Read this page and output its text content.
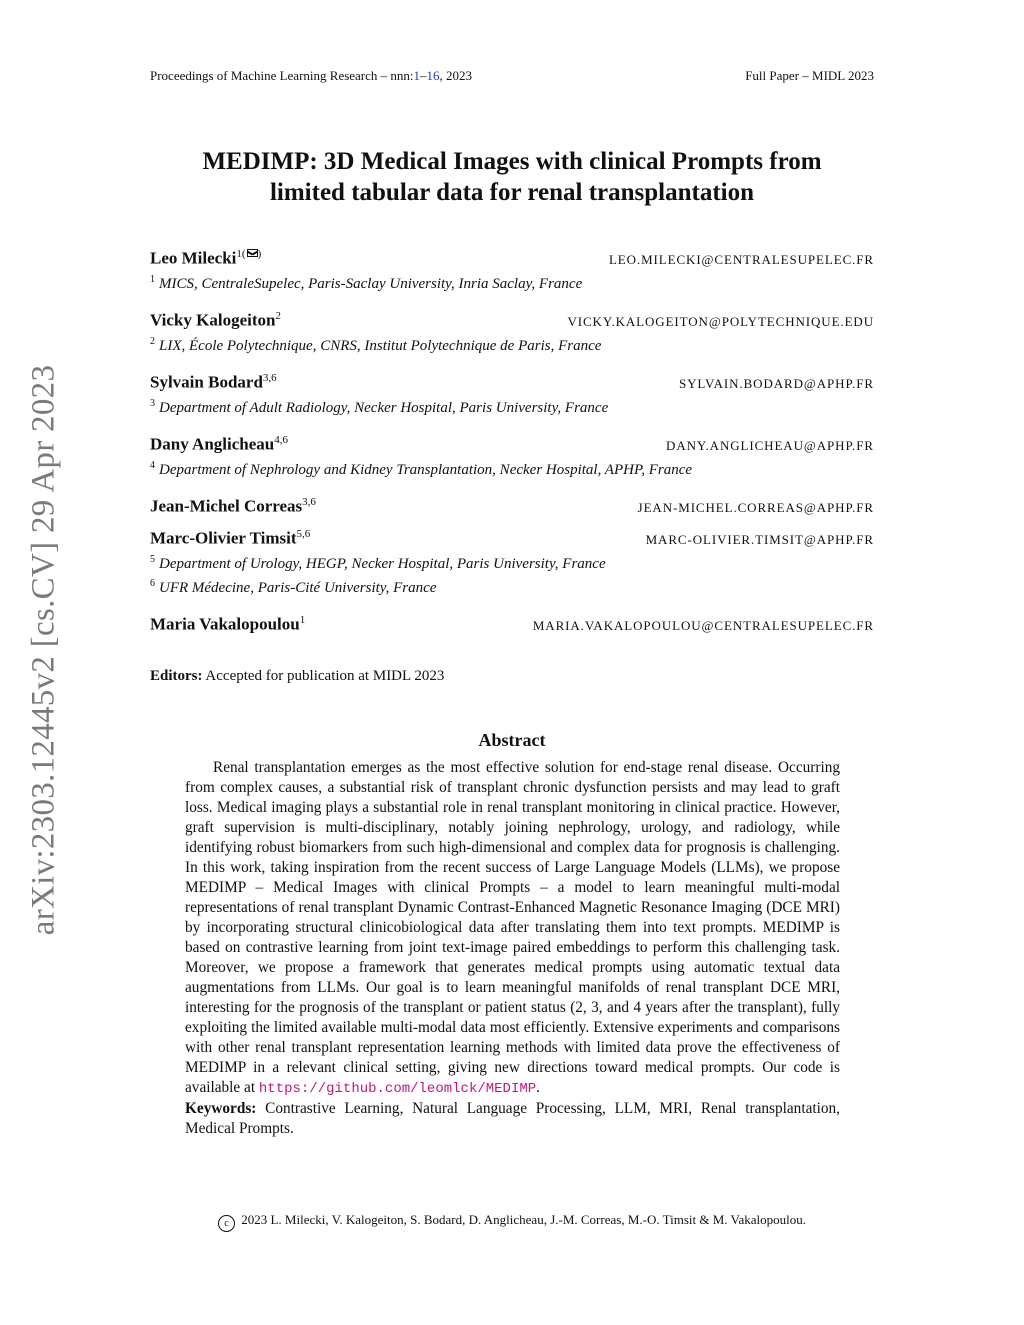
Proceedings of Machine Learning Research – nnn:1–16, 2023	Full Paper – MIDL 2023
arXiv:2303.12445v2 [cs.CV] 29 Apr 2023
MEDIMP: 3D Medical Images with clinical Prompts from
limited tabular data for renal transplantation
Leo Milecki$^{1(}$ )	LEO.MILECKI@CENTRALESUPELEC.FR
$^1$ MICS, CentraleSupelec, Paris-Saclay University, Inria Saclay, France
Vicky Kalogeiton$^2$	VICKY.KALOGEITON@POLYTECHNIQUE.EDU
$^2$ LIX, École Polytechnique, CNRS, Institut Polytechnique de Paris, France
Sylvain Bodard$^{3,6}$	SYLVAIN.BODARD@APHP.FR
$^3$ Department of Adult Radiology, Necker Hospital, Paris University, France
Dany Anglicheau$^{4,6}$	DANY.ANGLICHEAU@APHP.FR
$^4$ Department of Nephrology and Kidney Transplantation, Necker Hospital, APHP, France
Jean-Michel Correas$^{3,6}$	JEAN-MICHEL.CORREAS@APHP.FR
Marc-Olivier Timsit$^{5,6}$	MARC-OLIVIER.TIMSIT@APHP.FR
$^5$ Department of Urology, HEGP, Necker Hospital, Paris University, France
$^6$ UFR Médecine, Paris-Cité University, France
Maria Vakalopoulou$^1$	MARIA.VAKALOPOULOU@CENTRALESUPELEC.FR
Editors: Accepted for publication at MIDL 2023
Abstract

Renal transplantation emerges as the most effective solution for end-stage renal disease. Occurring from complex causes, a substantial risk of transplant chronic dysfunction persists and may lead to graft loss. Medical imaging plays a substantial role in renal transplant monitoring in clinical practice. However, graft supervision is multi-disciplinary, notably joining nephrology, urology, and radiology, while identifying robust biomarkers from such high-dimensional and complex data for prognosis is challenging. In this work, taking inspiration from the recent success of Large Language Models (LLMs), we propose MEDIMP – Medical Images with clinical Prompts – a model to learn meaningful multi-modal representations of renal transplant Dynamic Contrast-Enhanced Magnetic Resonance Imaging (DCE MRI) by incorporating structural clinicobiological data after translating them into text prompts. MEDIMP is based on contrastive learning from joint text-image paired embeddings to perform this challenging task. Moreover, we propose a framework that generates medical prompts using automatic textual data augmentations from LLMs. Our goal is to learn meaningful manifolds of renal transplant DCE MRI, interesting for the prognosis of the transplant or patient status (2, 3, and 4 years after the transplant), fully exploiting the limited available multi-modal data most efficiently. Extensive experiments and comparisons with other renal transplant representation learning methods with limited data prove the effectiveness of MEDIMP in a relevant clinical setting, giving new directions toward medical prompts. Our code is available at https://github.com/leomlck/MEDIMP.

Keywords: Contrastive Learning, Natural Language Processing, LLM, MRI, Renal transplantation, Medical Prompts.
c 2023 L. Milecki, V. Kalogeiton, S. Bodard, D. Anglicheau, J.-M. Correas, M.-O. Timsit & M. Vakalopoulou.
